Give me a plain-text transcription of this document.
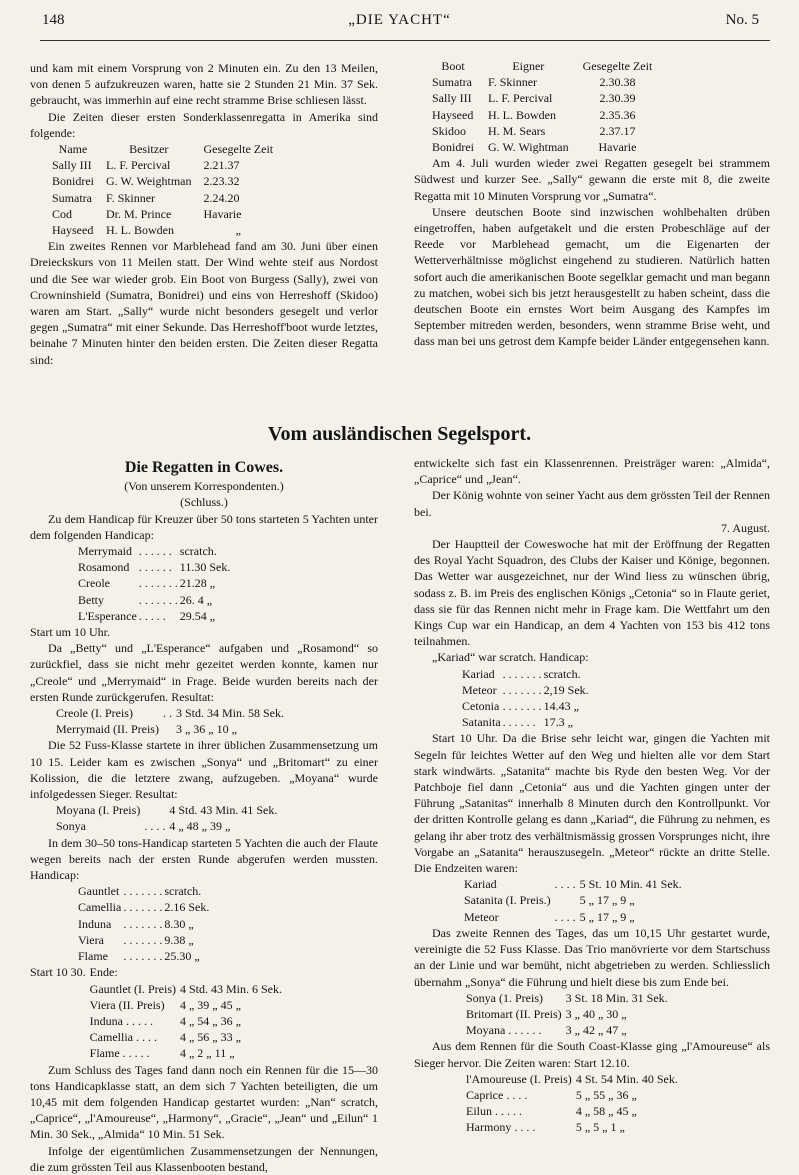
148	„DIE YACHT“	No. 5

und kam mit einem Vorsprung von 2 Minuten ein. Zu den 13 Meilen, von denen 5 aufzukreuzen waren, hatte sie 2 Stunden 21 Min. 37 Sek. gebraucht, was immerhin auf eine recht stramme Brise schliesen lässt.

Die Zeiten dieser ersten Sonderklassenregatta in Amerika sind folgende:

Name	Besitzer	Gesegelte Zeit
Sally III	L. F. Percival	2.21.37
Bonidrei	G. W. Weightman	2.23.32
Sumatra	F. Skinner	2.24.20
Cod	Dr. M. Prince	Havarie
Hayseed	H. L. Bowden	„

Ein zweites Rennen vor Marblehead fand am 30. Juni über einen Dreieckskurs von 11 Meilen statt. Der Wind wehte steif aus Nordost und die See war wieder grob. Ein Boot von Burgess (Sally), zwei von Crowninshield (Sumatra, Bonidrei) und eins von Herreshoff (Skidoo) waren am Start. „Sally“ wurde nicht besonders gesegelt und verlor gegen „Sumatra“ mit einer Sekunde. Das Herreshoff'boot wurde letztes, beinahe 7 Minuten hinter den beiden ersten. Die Zeiten dieser Regatta sind:

Boot	Eigner	Gesegelte Zeit
Sumatra	F. Skinner	2.30.38
Sally III	L. F. Percival	2.30.39
Hayseed	H. L. Bowden	2.35.36
Skidoo	H. M. Sears	2.37.17
Bonidrei	G. W. Wightman	Havarie

Am 4. Juli wurden wieder zwei Regatten gesegelt bei strammem Südwest und kurzer See. „Sally“ gewann die erste mit 8, die zweite Regatta mit 10 Minuten Vorsprung vor „Sumatra“.

Unsere deutschen Boote sind inzwischen wohlbehalten drüben eingetroffen, haben aufgetakelt und die ersten Probeschläge auf der Reede vor Marblehead gemacht, um die Eigenarten der Wetterverhältnisse möglichst eingehend zu studieren. Natürlich hatten sofort auch die amerikanischen Boote segelklar gemacht und man begann zu matchen, wobei sich bis jetzt herausgestellt zu haben scheint, dass die deutschen Boote ein ernstes Wort beim Ausgang des Kampfes im September mitreden werden, besonders, wenn stramme Brise weht, und dass man bei uns getrost dem Kampfe beider Länder entgegensehen kann.

Vom ausländischen Segelsport.
Die Regatten in Cowes.
(Von unserem Korrespondenten.)
(Schluss.)

Zu dem Handicap für Kreuzer über 50 tons starteten 5 Yachten unter dem folgenden Handicap:

Merrymaid	. . . . . .	scratch.
Rosamond	. . . . . .	11.30 Sek.
Creole	. . . . . . .	21.28 „
Betty	. . . . . . .	26. 4 „
L'Esperance	. . . . .	29.54 „

Start um 10 Uhr.

Da „Betty“ und „L'Esperance“ aufgaben und „Rosamond“ so zurückfiel, dass sie nicht mehr gezeitet werden konnte, kamen nur „Creole“ und „Merrymaid“ in Frage. Beide wurden bereits nach der ersten Runde zurückgerufen. Resultat:

Creole (I. Preis)	. .	3 Std. 34 Min. 58 Sek.
Merrymaid (II. Preis)		3 „ 36 „ 10 „

Die 52 Fuss-Klasse startete in ihrer üblichen Zusammensetzung um 10 15. Leider kam es zwischen „Sonya“ und „Britomart“ zu einer Kolission, die die letztere zwang, aufzugeben. „Moyana“ wurde infolgedessen Sieger. Resultat:

Moyana (I. Preis)		4 Std. 43 Min. 41 Sek.
Sonya	. . . .	4 „ 48 „ 39 „

In dem 30–50 tons-Handicap starteten 5 Yachten die auch der Flaute wegen bereits nach der ersten Runde abgerufen werden mussten. Handicap:

Gauntlet	. . . . . . .	scratch.
Camellia	. . . . . . .	2.16 Sek.
Induna	. . . . . . .	8.30 „
Viera	. . . . . . .	9.38 „
Flame	. . . . . . .	25.30 „
Start 10 30.	Ende:	
	Gauntlet (I. Preis)	4 Std. 43 Min. 6 Sek.
	Viera (II. Preis)	4 „ 39 „ 45 „
	Induna . . . . .	4 „ 54 „ 36 „
	Camellia . . . .	4 „ 56 „ 33 „
	Flame . . . . .	4 „ 2 „ 11 „

Zum Schluss des Tages fand dann noch ein Rennen für die 15—30 tons Handicapklasse statt, an dem sich 7 Yachten beteiligten, die um 10,45 mit dem folgenden Handicap gestartet wurden: „Nan“ scratch, „Caprice“, „l'Amoureuse“, „Harmony“, „Gracie“, „Jean“ und „Eilun“ 1 Min. 30 Sek., „Almida“ 10 Min. 51 Sek.

Infolge der eigentümlichen Zusammensetzungen der Nennungen, die zum grössten Teil aus Klassenbooten bestand,

entwickelte sich fast ein Klassenrennen. Preisträger waren: „Almida“, „Caprice“ und „Jean“.

Der König wohnte von seiner Yacht aus dem grössten Teil der Rennen bei.

7. August.

Der Hauptteil der Coweswoche hat mit der Eröffnung der Regatten des Royal Yacht Squadron, des Clubs der Kaiser und Könige, begonnen. Das Wetter war ausgezeichnet, nur der Wind liess zu wünschen übrig, sodass z. B. im Preis des englischen Königs „Cetonia“ so in Flaute geriet, dass sie für das Rennen nicht mehr in Frage kam. Die Wettfahrt um den Kings Cup war ein Handicap, an dem 4 Yachten von 153 bis 412 tons teilnahmen.

„Kariad“ war scratch. Handicap:

Kariad	. . . . . . .	scratch.
Meteor	. . . . . . .	2,19 Sek.
Cetonia	. . . . . . .	14.43 „
Satanita	. . . . . .	17.3 „

Start 10 Uhr. Da die Brise sehr leicht war, gingen die Yachten mit Segeln für leichtes Wetter auf den Weg und hielten alle vor dem Start stark windwärts. „Satanita“ machte bis Ryde den besten Weg. Vor der Patchboje fiel dann „Cetonia“ aus und die Yachten gingen unter der Führung „Satanitas“ innerhalb 8 Minuten durch den Kontrollpunkt. Vor der dritten Kontrolle gelang es dann „Kariad“, die Führung zu nehmen, es gelang ihr aber trotz des verhältnismässig grossen Vorsprunges nicht, ihre Vorgabe an „Satanita“ herauszusegeln. „Meteor“ rückte an dritte Stelle. Die Endzeiten waren:

Kariad	. . . .	5 St. 10 Min. 41 Sek.
Satanita (I. Preis.)		5 „ 17 „ 9 „
Meteor	. . . .	5 „ 17 „ 9 „

Das zweite Rennen des Tages, das um 10,15 Uhr gestartet wurde, vereinigte die 52 Fuss Klasse. Das Trio manövrierte vor dem Startschuss an der Linie und war bemüht, nicht abgetrieben zu werden. Schliesslich übernahm „Sonya“ die Führung und hielt diese bis zum Ende bei.

Sonya (1. Preis)	3 St. 18 Min. 31 Sek.
Britomart (II. Preis)	3 „ 40 „ 30 „
Moyana . . . . . .	3 „ 42 „ 47 „

Aus dem Rennen für die South Coast-Klasse ging „l'Amoureuse“ als Sieger hervor. Die Zeiten waren: Start 12.10.

l'Amoureuse (I. Preis)	4 St. 54 Min. 40 Sek.
Caprice . . . .	5 „ 55 „ 36 „
Eilun . . . . .	4 „ 58 „ 45 „
Harmony . . . .	5 „ 5 „ 1 „
